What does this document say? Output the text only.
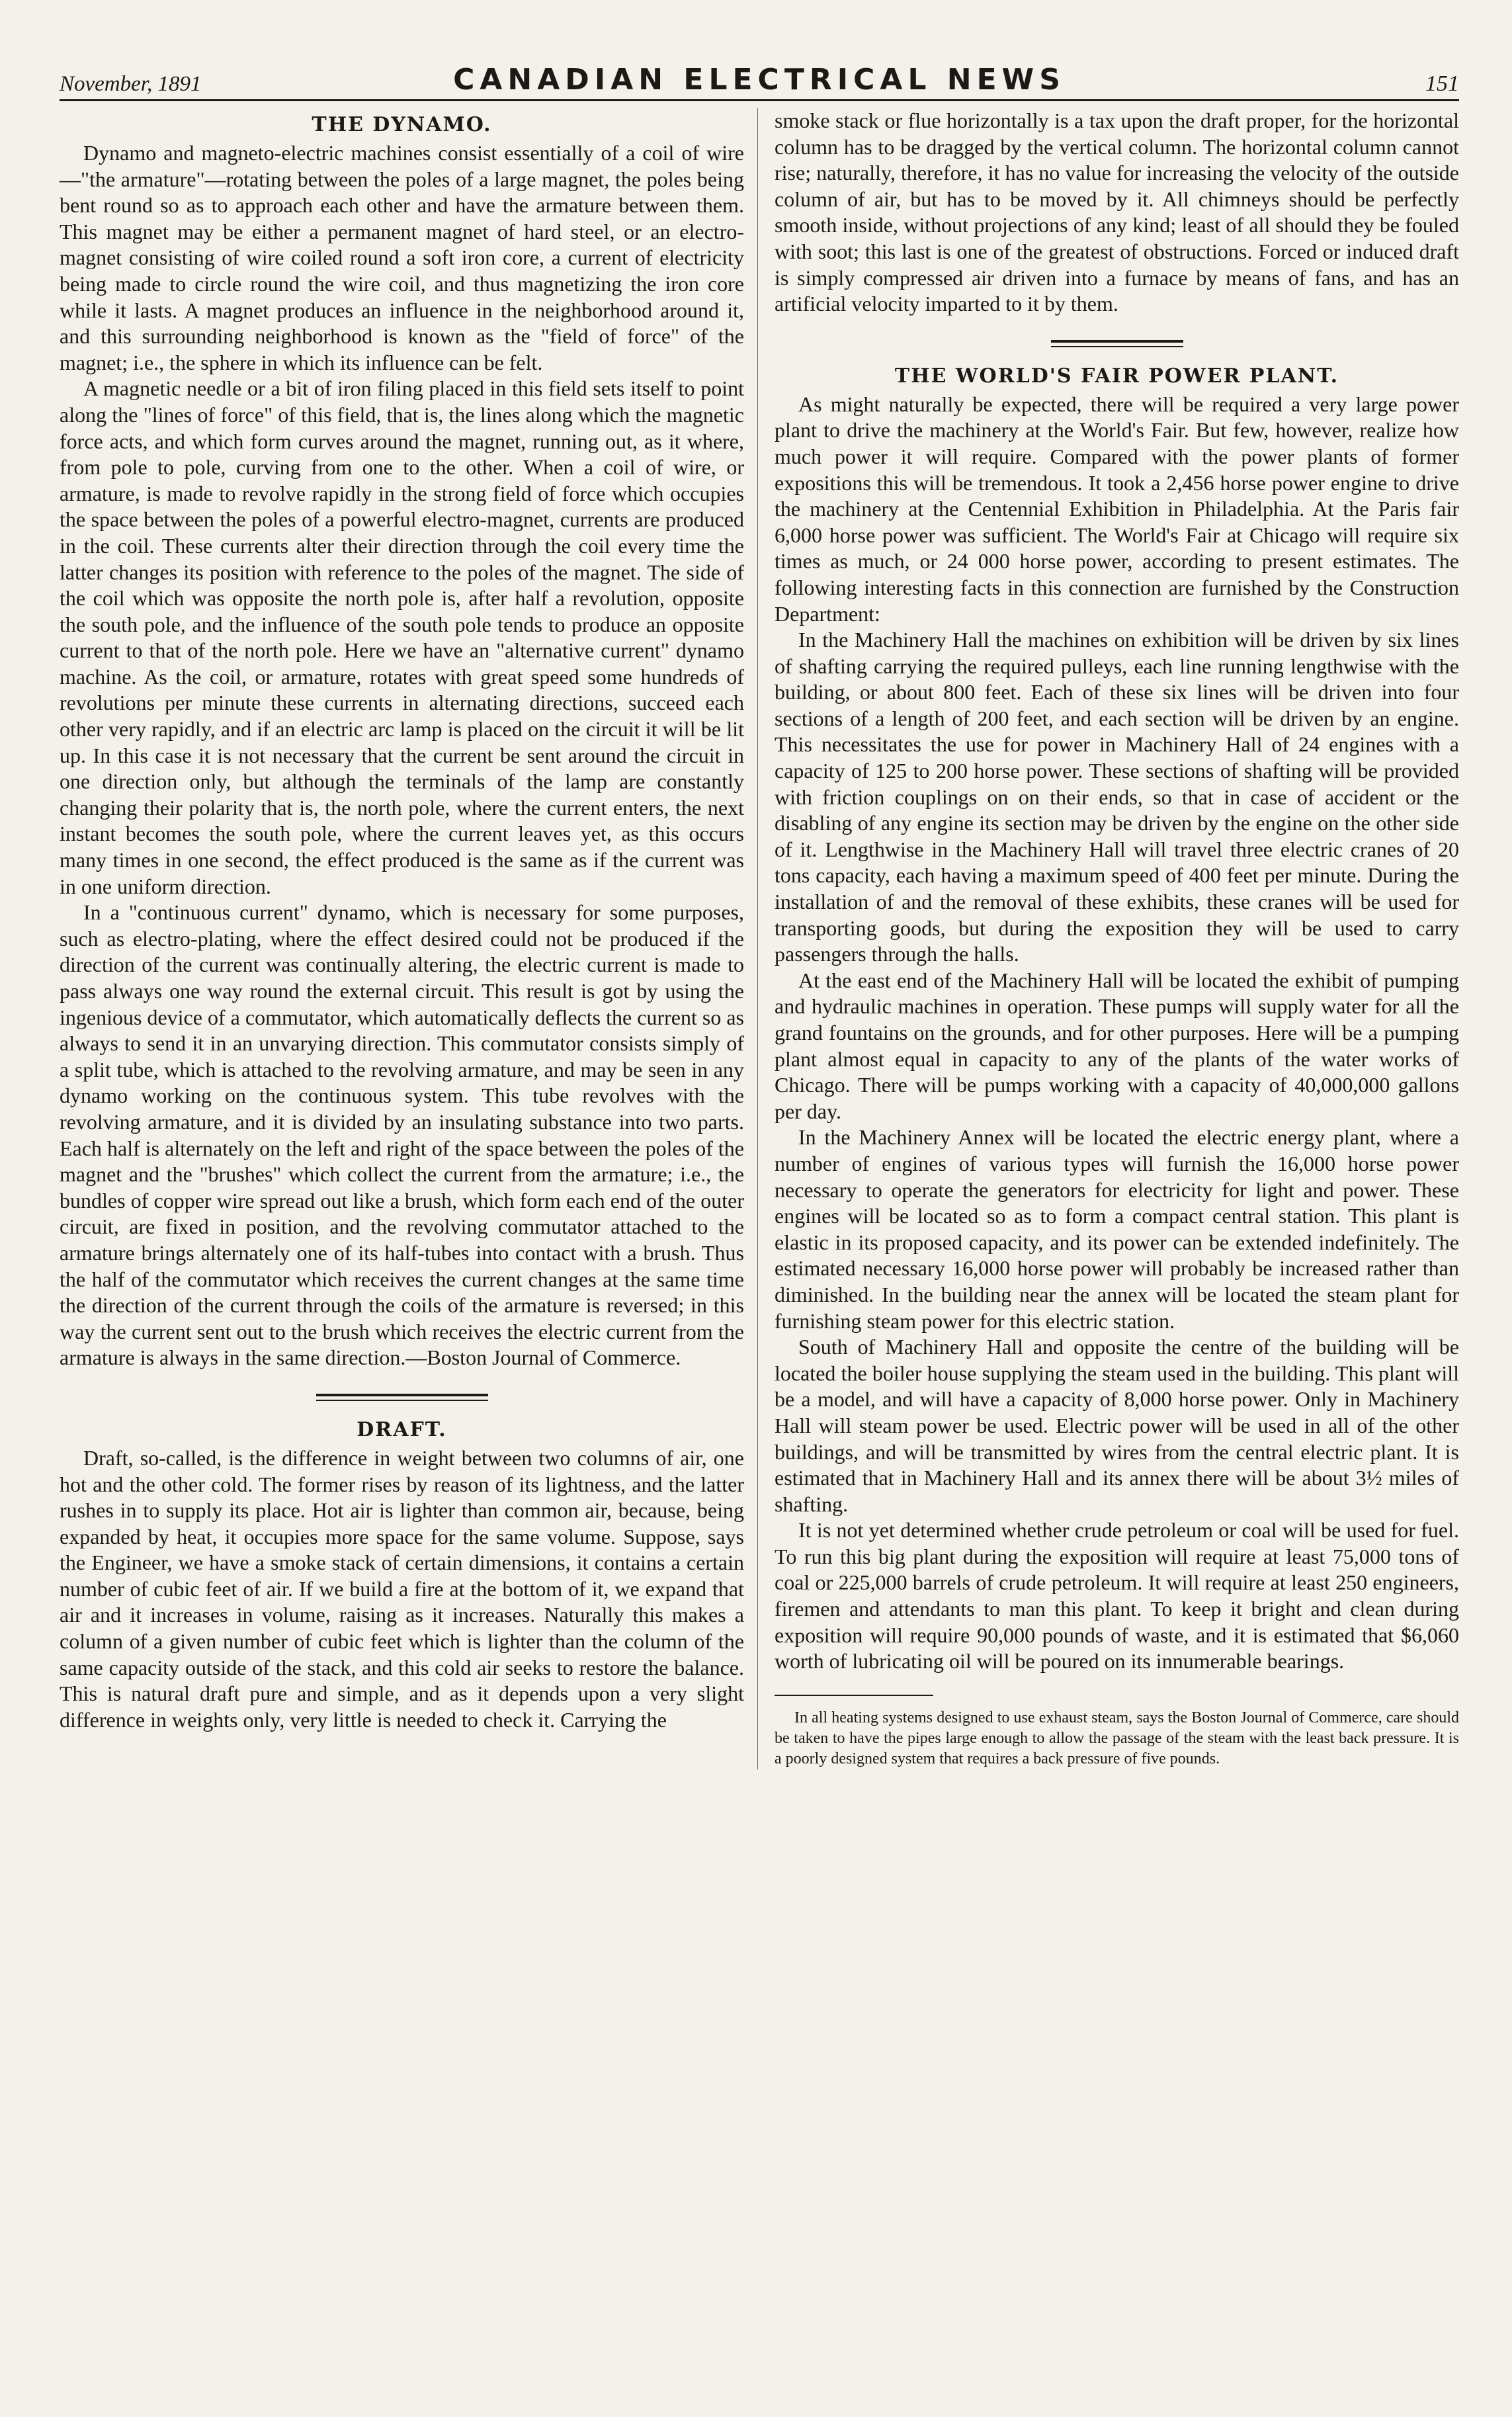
November, 1891	CANADIAN ELECTRICAL NEWS	151
THE DYNAMO.

Dynamo and magneto-electric machines consist essentially of a coil of wire—"the armature"—rotating between the poles of a large magnet, the poles being bent round so as to approach each other and have the armature between them. This magnet may be either a permanent magnet of hard steel, or an electro-magnet consisting of wire coiled round a soft iron core, a current of electricity being made to circle round the wire coil, and thus magnetizing the iron core while it lasts. A magnet produces an influence in the neighborhood around it, and this surrounding neighborhood is known as the "field of force" of the magnet; i.e., the sphere in which its influence can be felt.

A magnetic needle or a bit of iron filing placed in this field sets itself to point along the "lines of force" of this field, that is, the lines along which the magnetic force acts, and which form curves around the magnet, running out, as it where, from pole to pole, curving from one to the other. When a coil of wire, or armature, is made to revolve rapidly in the strong field of force which occupies the space between the poles of a powerful electro-magnet, currents are produced in the coil. These currents alter their direction through the coil every time the latter changes its position with reference to the poles of the magnet. The side of the coil which was opposite the north pole is, after half a revolution, opposite the south pole, and the influence of the south pole tends to produce an opposite current to that of the north pole. Here we have an "alternative current" dynamo machine. As the coil, or armature, rotates with great speed some hundreds of revolutions per minute these currents in alternating directions, succeed each other very rapidly, and if an electric arc lamp is placed on the circuit it will be lit up. In this case it is not necessary that the current be sent around the circuit in one direction only, but although the terminals of the lamp are constantly changing their polarity that is, the north pole, where the current enters, the next instant becomes the south pole, where the current leaves yet, as this occurs many times in one second, the effect produced is the same as if the current was in one uniform direction.

In a "continuous current" dynamo, which is necessary for some purposes, such as electro-plating, where the effect desired could not be produced if the direction of the current was continually altering, the electric current is made to pass always one way round the external circuit. This result is got by using the ingenious device of a commutator, which automatically deflects the current so as always to send it in an unvarying direction. This commutator consists simply of a split tube, which is attached to the revolving armature, and may be seen in any dynamo working on the continuous system. This tube revolves with the revolving armature, and it is divided by an insulating substance into two parts. Each half is alternately on the left and right of the space between the poles of the magnet and the "brushes" which collect the current from the armature; i.e., the bundles of copper wire spread out like a brush, which form each end of the outer circuit, are fixed in position, and the revolving commutator attached to the armature brings alternately one of its half-tubes into contact with a brush. Thus the half of the commutator which receives the current changes at the same time the direction of the current through the coils of the armature is reversed; in this way the current sent out to the brush which receives the electric current from the armature is always in the same direction.—Boston Journal of Commerce.

DRAFT.

Draft, so-called, is the difference in weight between two columns of air, one hot and the other cold. The former rises by reason of its lightness, and the latter rushes in to supply its place. Hot air is lighter than common air, because, being expanded by heat, it occupies more space for the same volume. Suppose, says the Engineer, we have a smoke stack of certain dimensions, it contains a certain number of cubic feet of air. If we build a fire at the bottom of it, we expand that air and it increases in volume, raising as it increases. Naturally this makes a column of a given number of cubic feet which is lighter than the column of the same capacity outside of the stack, and this cold air seeks to restore the balance. This is natural draft pure and simple, and as it depends upon a very slight difference in weights only, very little is needed to check it. Carrying the

smoke stack or flue horizontally is a tax upon the draft proper, for the horizontal column has to be dragged by the vertical column. The horizontal column cannot rise; naturally, therefore, it has no value for increasing the velocity of the outside column of air, but has to be moved by it. All chimneys should be perfectly smooth inside, without projections of any kind; least of all should they be fouled with soot; this last is one of the greatest of obstructions. Forced or induced draft is simply compressed air driven into a furnace by means of fans, and has an artificial velocity imparted to it by them.

THE WORLD'S FAIR POWER PLANT.

As might naturally be expected, there will be required a very large power plant to drive the machinery at the World's Fair. But few, however, realize how much power it will require. Compared with the power plants of former expositions this will be tremendous. It took a 2,456 horse power engine to drive the machinery at the Centennial Exhibition in Philadelphia. At the Paris fair 6,000 horse power was sufficient. The World's Fair at Chicago will require six times as much, or 24 000 horse power, according to present estimates. The following interesting facts in this connection are furnished by the Construction Department:

In the Machinery Hall the machines on exhibition will be driven by six lines of shafting carrying the required pulleys, each line running lengthwise with the building, or about 800 feet. Each of these six lines will be driven into four sections of a length of 200 feet, and each section will be driven by an engine. This necessitates the use for power in Machinery Hall of 24 engines with a capacity of 125 to 200 horse power. These sections of shafting will be provided with friction couplings on on their ends, so that in case of accident or the disabling of any engine its section may be driven by the engine on the other side of it. Lengthwise in the Machinery Hall will travel three electric cranes of 20 tons capacity, each having a maximum speed of 400 feet per minute. During the installation of and the removal of these exhibits, these cranes will be used for transporting goods, but during the exposition they will be used to carry passengers through the halls.

At the east end of the Machinery Hall will be located the exhibit of pumping and hydraulic machines in operation. These pumps will supply water for all the grand fountains on the grounds, and for other purposes. Here will be a pumping plant almost equal in capacity to any of the plants of the water works of Chicago. There will be pumps working with a capacity of 40,000,000 gallons per day.

In the Machinery Annex will be located the electric energy plant, where a number of engines of various types will furnish the 16,000 horse power necessary to operate the generators for electricity for light and power. These engines will be located so as to form a compact central station. This plant is elastic in its proposed capacity, and its power can be extended indefinitely. The estimated necessary 16,000 horse power will probably be increased rather than diminished. In the building near the annex will be located the steam plant for furnishing steam power for this electric station.

South of Machinery Hall and opposite the centre of the building will be located the boiler house supplying the steam used in the building. This plant will be a model, and will have a capacity of 8,000 horse power. Only in Machinery Hall will steam power be used. Electric power will be used in all of the other buildings, and will be transmitted by wires from the central electric plant. It is estimated that in Machinery Hall and its annex there will be about 3½ miles of shafting.

It is not yet determined whether crude petroleum or coal will be used for fuel. To run this big plant during the exposition will require at least 75,000 tons of coal or 225,000 barrels of crude petroleum. It will require at least 250 engineers, firemen and attendants to man this plant. To keep it bright and clean during exposition will require 90,000 pounds of waste, and it is estimated that $6,060 worth of lubricating oil will be poured on its innumerable bearings.

In all heating systems designed to use exhaust steam, says the Boston Journal of Commerce, care should be taken to have the pipes large enough to allow the passage of the steam with the least back pressure. It is a poorly designed system that requires a back pressure of five pounds.
